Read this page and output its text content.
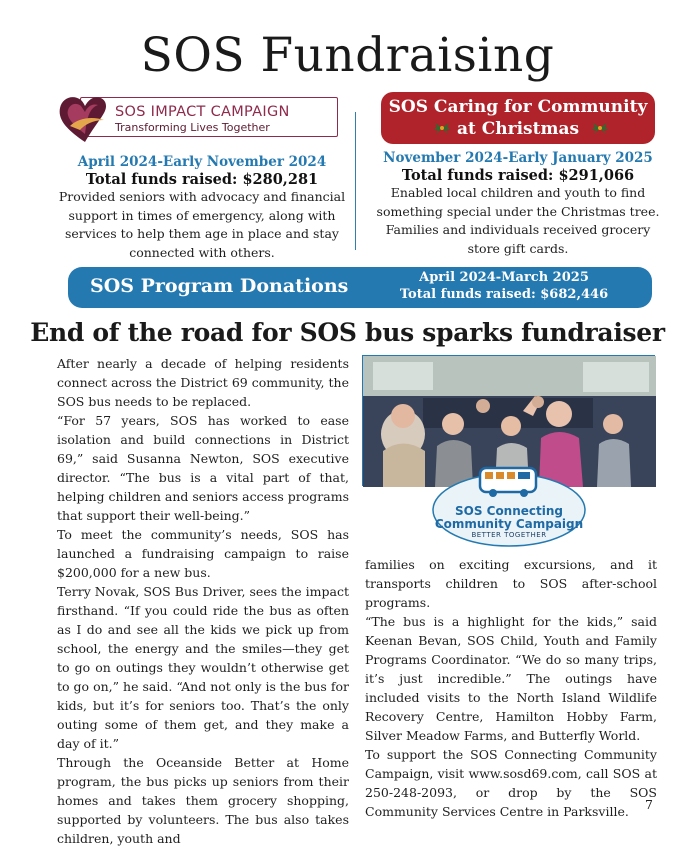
SOS Fundraising
SOS IMPACT CAMPAIGN
Transforming Lives Together

April 2024-Early November 2024

Total funds raised: $280,281

Provided seniors with advocacy and financial support in times of emergency, along with services to help them age in place and stay connected with others.

SOS Caring for Community
at Christmas

November 2024-Early January 2025

Total funds raised: $291,066

Enabled local children and youth to find something special under the Christmas tree. Families and individuals received grocery store gift cards.

SOS Program Donations	April 2024-March 2025
Total funds raised: $682,446
End of the road for SOS bus sparks fundraiser

After nearly a decade of helping residents connect across the District 69 community, the SOS bus needs to be replaced.

“For 57 years, SOS has worked to ease isolation and build connections in District 69,” said Susanna Newton, SOS executive director. “The bus is a vital part of that, helping children and seniors access programs that support their well-being.”

To meet the community’s needs, SOS has launched a fundraising campaign to raise $200,000 for a new bus.

Terry Novak, SOS Bus Driver, sees the impact firsthand. “If you could ride the bus as often as I do and see all the kids we pick up from school, the energy and the smiles—they get to go on outings they wouldn’t otherwise get to go on,” he said. “And not only is the bus for kids, but it’s for seniors too. That’s the only outing some of them get, and they make a day of it.”

Through the Oceanside Better at Home program, the bus picks up seniors from their homes and takes them grocery shopping, supported by volunteers. The bus also takes children, youth and

SOS Connecting
Community Campaign
BETTER TOGETHER

families on exciting excursions, and it transports children to SOS after-school programs.

“The bus is a highlight for the kids,” said Keenan Bevan, SOS Child, Youth and Family Programs Coordinator. “We do so many trips, it’s just incredible.” The outings have included visits to the North Island Wildlife Recovery Centre, Hamilton Hobby Farm, Silver Meadow Farms, and Butterfly World.

To support the SOS Connecting Community Campaign, visit www.sosd69.com, call SOS at 250-248-2093, or drop by the SOS Community Services Centre in Parksville.	7
